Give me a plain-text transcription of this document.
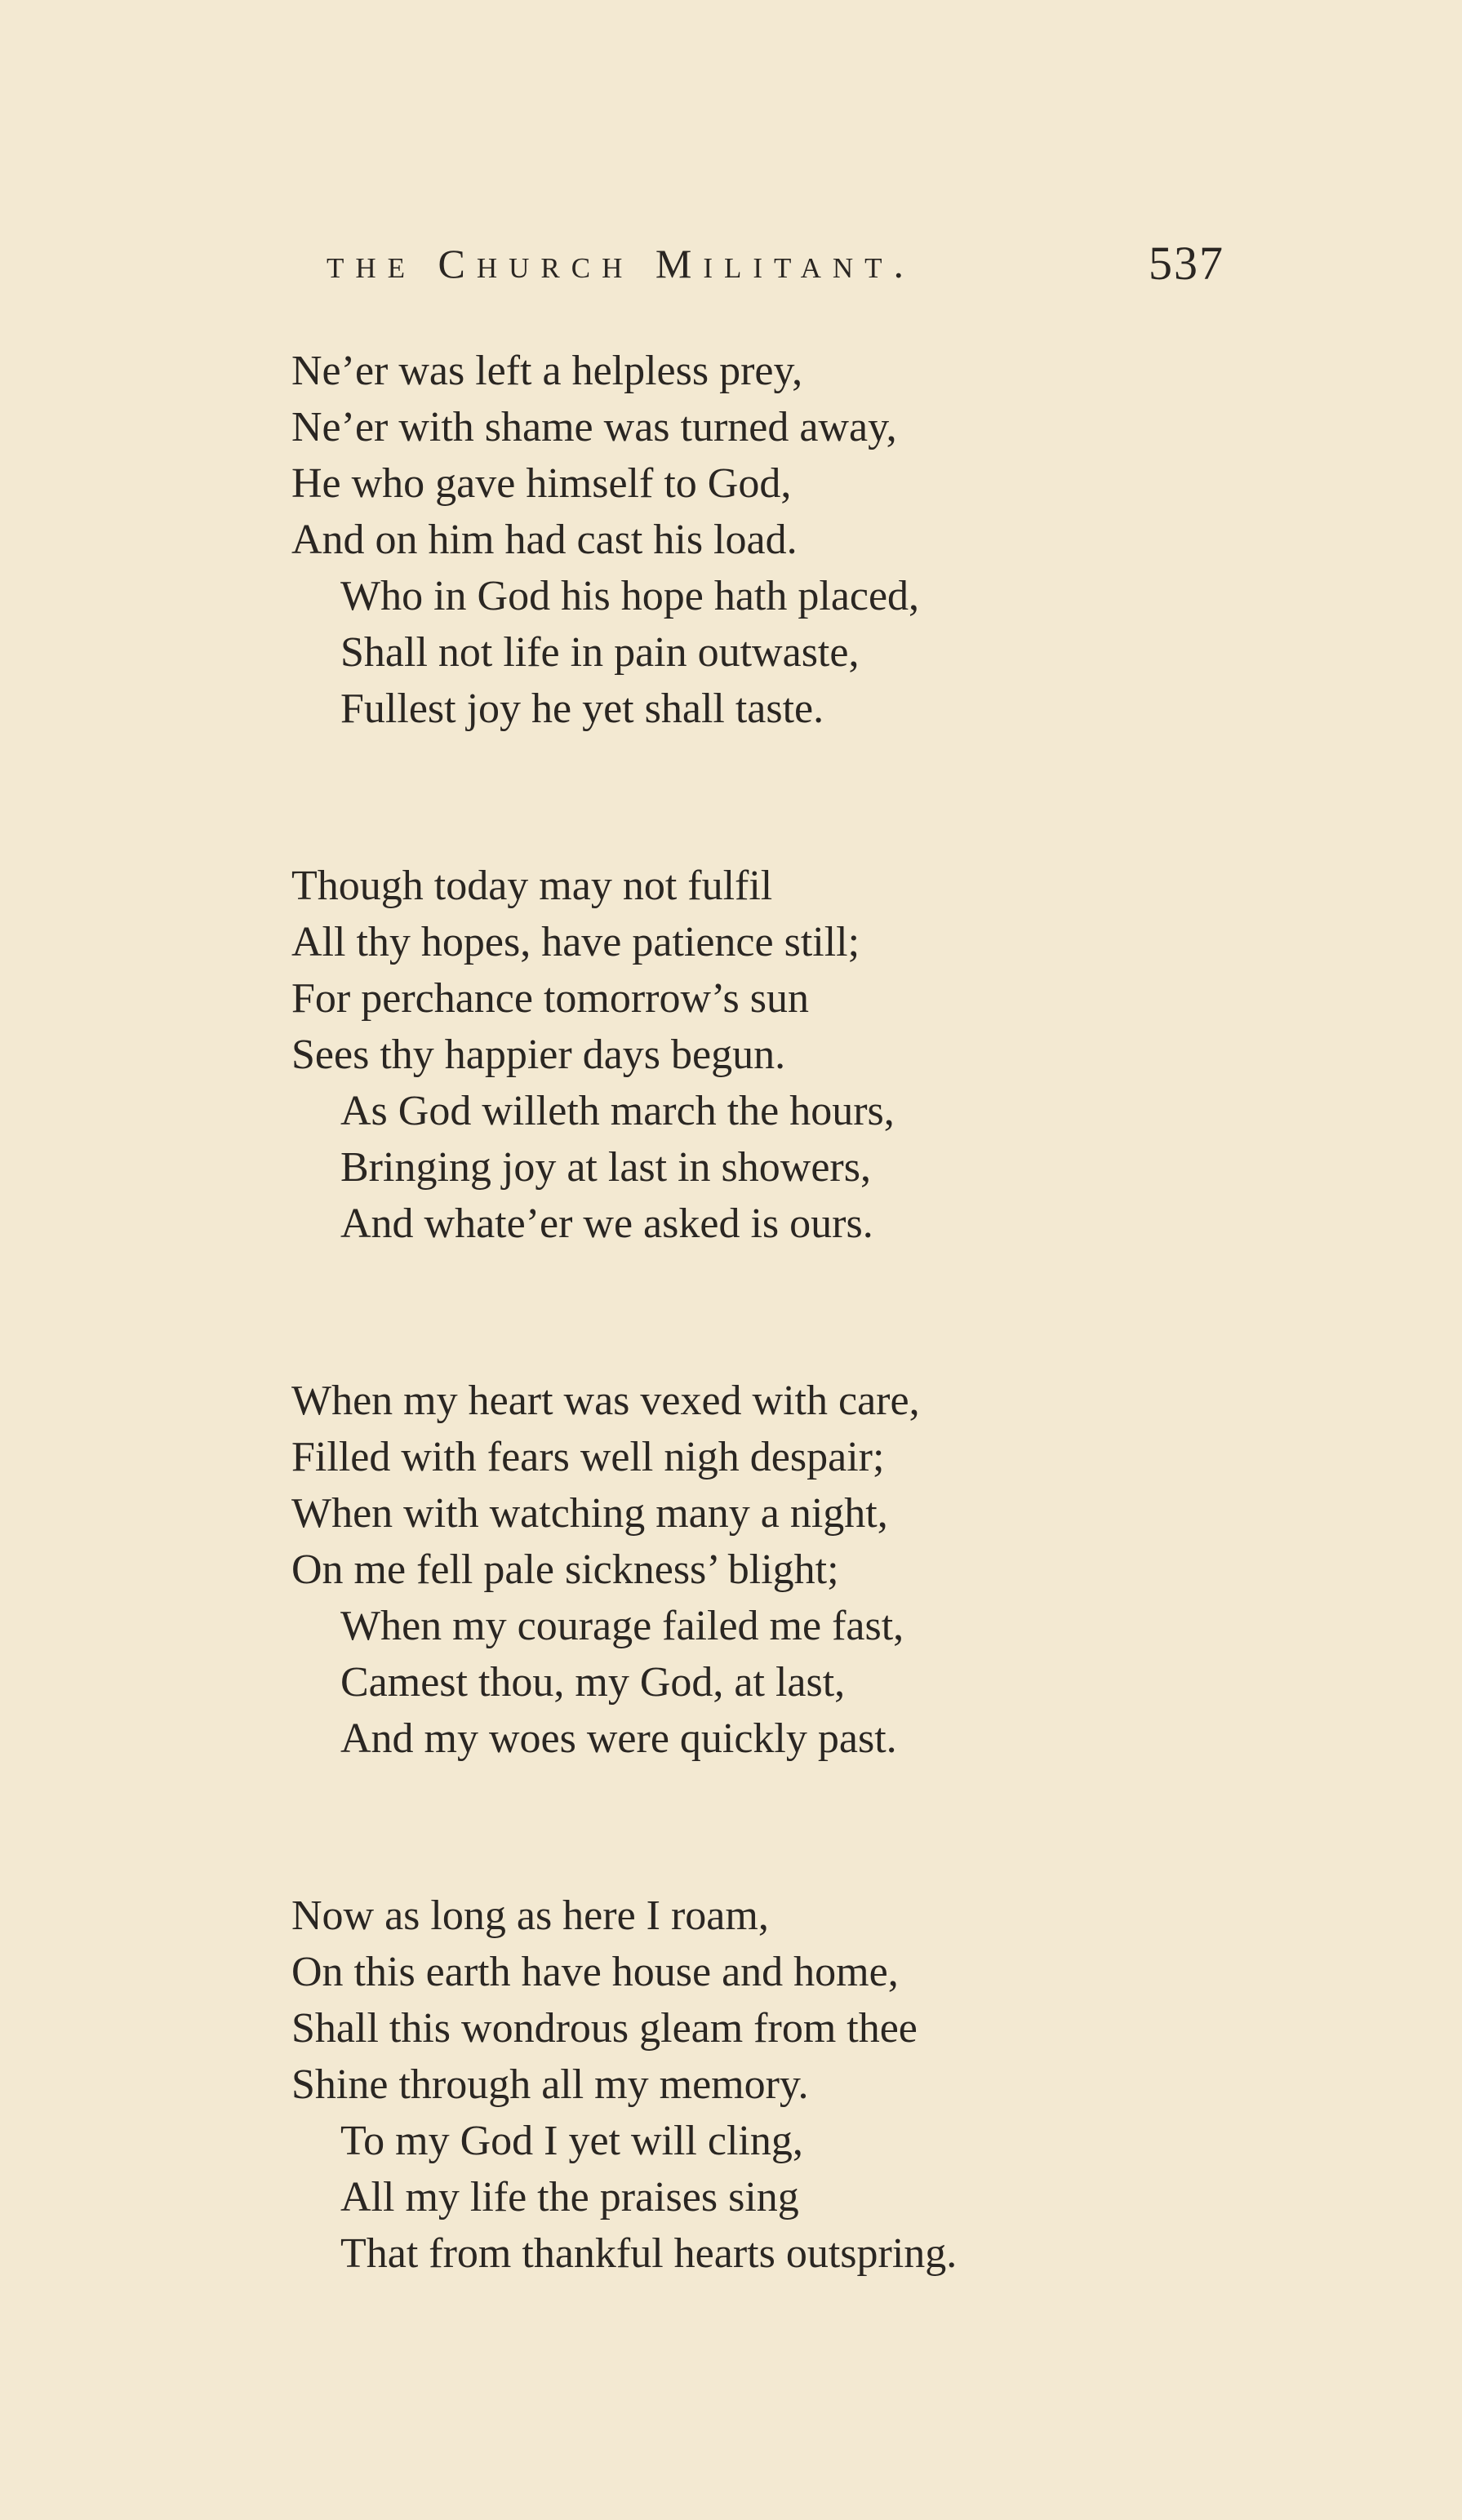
the Church Militant.	537
Ne’er was left a helpless prey,
Ne’er with shame was turned away,
He who gave himself to God,
And on him had cast his load.
Who in God his hope hath placed,
Shall not life in pain outwaste,
Fullest joy he yet shall taste.
Though today may not fulfil
All thy hopes, have patience still;
For perchance tomorrow’s sun
Sees thy happier days begun.
As God willeth march the hours,
Bringing joy at last in showers,
And whate’er we asked is ours.
When my heart was vexed with care,
Filled with fears well nigh despair;
When with watching many a night,
On me fell pale sickness’ blight;
When my courage failed me fast,
Camest thou, my God, at last,
And my woes were quickly past.
Now as long as here I roam,
On this earth have house and home,
Shall this wondrous gleam from thee
Shine through all my memory.
To my God I yet will cling,
All my life the praises sing
That from thankful hearts outspring.
